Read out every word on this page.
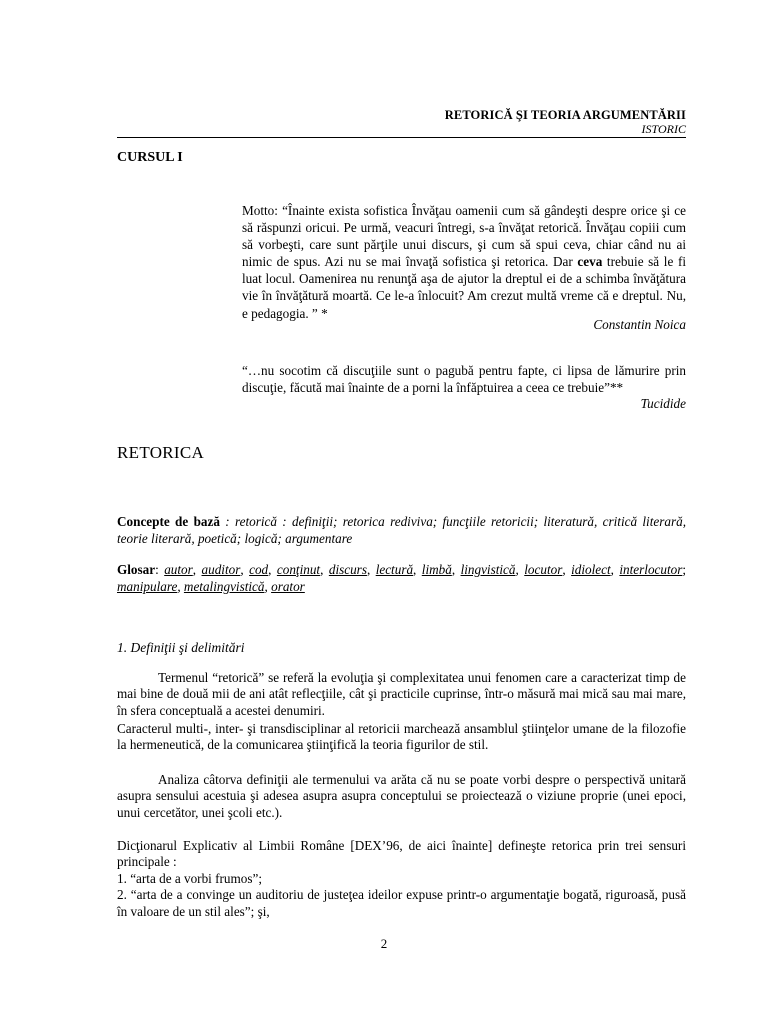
RETORICĂ ŞI TEORIA ARGUMENTĂRII
ISTORIC
CURSUL I
Motto: “Înainte exista sofistica Învăţau oamenii cum să gândeşti despre orice şi ce să răspunzi oricui. Pe urmă, veacuri întregi, s-a învăţat retorică. Învăţau copiii cum să vorbeşti, care sunt părţile unui discurs, şi cum să spui ceva, chiar când nu ai nimic de spus. Azi nu se mai învaţă sofistica şi retorica. Dar ceva trebuie să le fi luat locul. Oamenirea nu renunţă aşa de ajutor la dreptul ei de a schimba învăţătura vie în învăţătură moartă. Ce le-a înlocuit? Am crezut multă vreme că e dreptul. Nu, e pedagogia. ” *
Constantin Noica
“…nu socotim că discuţiile sunt o pagubă pentru fapte, ci lipsa de lămurire prin discuţie, făcută mai înainte de a porni la înfăptuirea a ceea ce trebuie”**
Tucidide
RETORICA
Concepte de bază : retorică : definiţii; retorica rediviva; funcţiile retoricii; literatură, critică literară, teorie literară, poetică; logică; argumentare
Glosar: autor, auditor, cod, conţinut, discurs, lectură, limbă, lingvistică, locutor, idiolect, interlocutor; manipulare, metalingvistică, orator
1. Definiţii şi delimitări
Termenul “retorică” se referă la evoluţia şi complexitatea unui fenomen care a caracterizat timp de mai bine de două mii de ani atât reflecţiile, cât şi practicile cuprinse, într-o măsură mai mică sau mai mare, în sfera conceptuală a acestei denumiri.
Caracterul multi-, inter- şi transdisciplinar al retoricii marchează ansamblul ştiinţelor umane de la filozofie la hermeneutică, de la comunicarea ştiinţifică la teoria figurilor de stil.
Analiza câtorva definiţii ale termenului va arăta că nu se poate vorbi despre o perspectivă unitară asupra sensului acestuia şi adesea asupra asupra conceptului se proiectează o viziune proprie (unei epoci, unui cercetător, unei şcoli etc.).
Dicţionarul Explicativ al Limbii Române [DEX’96, de aici înainte] defineşte retorica prin trei sensuri principale :
1. “arta de a vorbi frumos”;
2. “arta de a convinge un auditoriu de justeţea ideilor expuse printr-o argumentaţie bogată, riguroasă, pusă în valoare de un stil ales”; şi,
2
